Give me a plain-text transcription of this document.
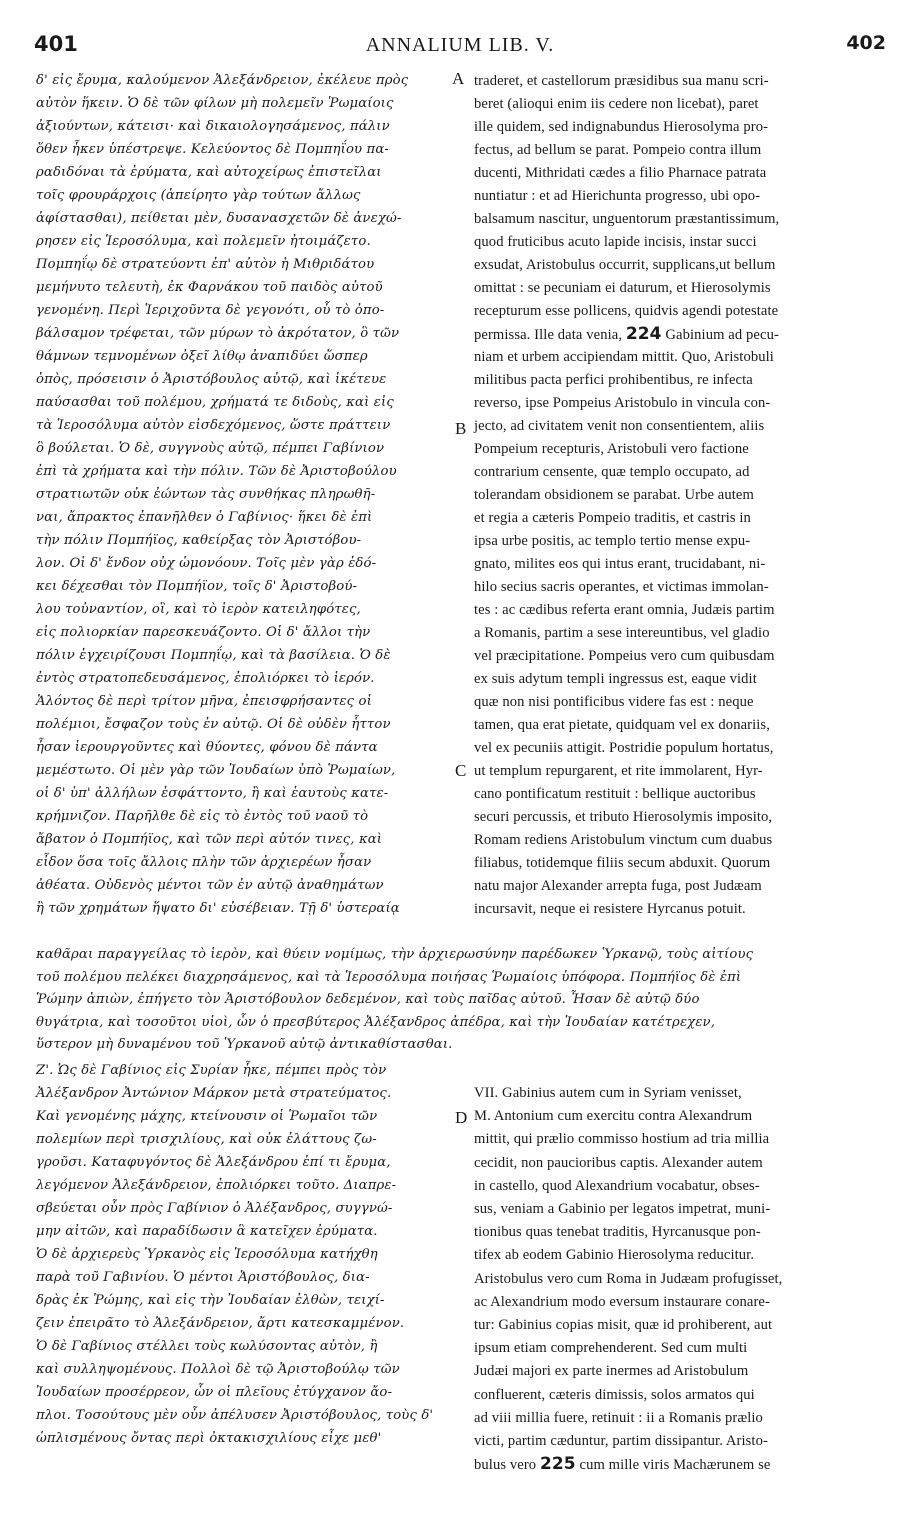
401	ANNALIUM LIB. V.	402
δ' εἰς ἔρυμα, καλούμενον Ἀλεξάνδρειον, ἐκέλευε πρὸς
αὐτὸν ἥκειν. Ὁ δὲ τῶν φίλων μὴ πολεμεῖν Ῥωμαίοις
ἀξιούντων, κάτεισι· καὶ δικαιολογησάμενος, πάλιν
ὅθεν ἧκεν ὑπέστρεψε. Κελεύοντος δὲ Πομπηΐου πα-
ραδιδόναι τὰ ἐρύματα, καὶ αὐτοχείρως ἐπιστεῖλαι
τοῖς φρουράρχοις (ἀπείρητο γὰρ τούτων ἄλλως
ἀφίστασθαι), πείθεται μὲν, δυσανασχετῶν δὲ ἀνεχώ-
ρησεν εἰς Ἱεροσόλυμα, καὶ πολεμεῖν ἠτοιμάζετο.
Πομπηΐῳ δὲ στρατεύοντι ἐπ' αὐτὸν ἡ Μιθριδάτου
μεμήνυτο τελευτὴ, ἐκ Φαρνάκου τοῦ παιδὸς αὐτοῦ
γενομένη. Περὶ Ἱεριχοῦντα δὲ γεγονότι, οὗ τὸ ὀπο-
βάλσαμον τρέφεται, τῶν μύρων τὸ ἀκρότατον, ὃ τῶν
θάμνων τεμνομένων ὀξεῖ λίθῳ ἀναπιδύει ὥσπερ
ὀπὸς, πρόσεισιν ὁ Ἀριστόβουλος αὐτῷ, καὶ ἱκέτευε
παύσασθαι τοῦ πολέμου, χρήματά τε διδοὺς, καὶ εἰς
τὰ Ἱεροσόλυμα αὐτὸν εἰσδεχόμενος, ὥστε πράττειν
ὃ βούλεται. Ὁ δὲ, συγγνοὺς αὐτῷ, πέμπει Γαβίνιον
ἐπὶ τὰ χρήματα καὶ τὴν πόλιν. Τῶν δὲ Ἀριστοβούλου
στρατιωτῶν οὐκ ἐώντων τὰς συνθήκας πληρωθῆ-
ναι, ἄπρακτος ἐπανῆλθεν ὁ Γαβίνιος· ἥκει δὲ ἐπὶ
τὴν πόλιν Πομπήϊος, καθείρξας τὸν Ἀριστόβου-
λον. Οἱ δ' ἔνδον οὐχ ὡμονόουν. Τοῖς μὲν γὰρ ἐδό-
κει δέχεσθαι τὸν Πομπήϊον, τοῖς δ' Ἀριστοβού-
λου τοὐναντίον, οἳ, καὶ τὸ ἱερὸν κατειληφότες,
εἰς πολιορκίαν παρεσκευάζοντο. Οἱ δ' ἄλλοι τὴν
πόλιν ἐγχειρίζουσι Πομπηΐῳ, καὶ τὰ βασίλεια. Ὁ δὲ
ἐντὸς στρατοπεδευσάμενος, ἐπολιόρκει τὸ ἱερόν.
Ἁλόντος δὲ περὶ τρίτον μῆνα, ἐπεισφρήσαντες οἱ
πολέμιοι, ἔσφαζον τοὺς ἐν αὐτῷ. Οἱ δὲ οὐδὲν ἧττον
ἦσαν ἱερουργοῦντες καὶ θύοντες, φόνου δὲ πάντα
μεμέστωτο. Οἱ μὲν γὰρ τῶν Ἰουδαίων ὑπὸ Ῥωμαίων,
οἱ δ' ὑπ' ἀλλήλων ἐσφάττοντο, ἢ καὶ ἑαυτοὺς κατε-
κρήμνιζον. Παρῆλθε δὲ εἰς τὸ ἐντὸς τοῦ ναοῦ τὸ
ἄβατον ὁ Πομπήϊος, καὶ τῶν περὶ αὐτόν τινες, καὶ
εἶδον ὅσα τοῖς ἄλλοις πλὴν τῶν ἀρχιερέων ἦσαν
ἀθέατα. Οὐδενὸς μέντοι τῶν ἐν αὐτῷ ἀναθημάτων
ἢ τῶν χρημάτων ἥψατο δι' εὐσέβειαν. Τῇ δ' ὑστεραίᾳ
traderet, et castellorum præsidibus sua manu scri-
beret (alioqui enim iis cedere non licebat), paret
ille quidem, sed indignabundus Hierosolyma pro-
fectus, ad bellum se parat. Pompeio contra illum
ducenti, Mithridati cædes a filio Pharnace patrata
nuntiatur : et ad Hierichunta progresso, ubi opo-
balsamum nascitur, unguentorum præstantissimum,
quod fruticibus acuto lapide incisis, instar succi
exsudat, Aristobulus occurrit, supplicans,ut bellum
omittat : se pecuniam ei daturum, et Hierosolymis
recepturum esse pollicens, quidvis agendi potestate
permissa. Ille data venia, 224 Gabinium ad pecu-
niam et urbem accipiendam mittit. Quo, Aristobuli
militibus pacta perfici prohibentibus, re infecta
reverso, ipse Pompeius Aristobulo in vincula con-
jecto, ad civitatem venit non consentientem, aliis
Pompeium recepturis, Aristobuli vero factione
contrarium censente, quæ templo occupato, ad
tolerandam obsidionem se parabat. Urbe autem
et regia a cæteris Pompeio traditis, et castris in
ipsa urbe positis, ac templo tertio mense expu-
gnato, milites eos qui intus erant, trucidabant, ni-
hilo secius sacris operantes, et victimas immolan-
tes : ac cædibus referta erant omnia, Judæis partim
a Romanis, partim a sese intereuntibus, vel gladio
vel præcipitatione. Pompeius vero cum quibusdam
ex suis adytum templi ingressus est, eaque vidit
quæ non nisi pontificibus videre fas est : neque
tamen, qua erat pietate, quidquam vel ex donariis,
vel ex pecuniis attigit. Postridie populum hortatus,
ut templum repurgarent, et rite immolarent, Hyr-
cano pontificatum restituit : bellique auctoribus
securi percussis, et tributo Hierosolymis imposito,
Romam rediens Aristobulum vinctum cum duabus
filiabus, totidemque filiis secum abduxit. Quorum
natu major Alexander arrepta fuga, post Judæam
incursavit, neque ei resistere Hyrcanus potuit.
καθᾶραι παραγγείλας τὸ ἱερὸν, καὶ θύειν νομίμως, τὴν ἀρχιερωσύνην παρέδωκεν Ὑρκανῷ, τοὺς αἰτίους
τοῦ πολέμου πελέκει διαχρησάμενος, καὶ τὰ Ἱεροσόλυμα ποιήσας Ῥωμαίοις ὑπόφορα. Πομπήϊος δὲ ἐπὶ
Ῥώμην ἀπιὼν, ἐπήγετο τὸν Ἀριστόβουλον δεδεμένον, καὶ τοὺς παῖδας αὐτοῦ. Ἦσαν δὲ αὐτῷ δύο
θυγάτρια, καὶ τοσοῦτοι υἱοὶ, ὧν ὁ πρεσβύτερος Ἀλέξανδρος ἀπέδρα, καὶ τὴν Ἰουδαίαν κατέτρεχεν,
ὕστερον μὴ δυναμένου τοῦ Ὑρκανοῦ αὐτῷ ἀντικαθίστασθαι.
Ζ'. Ὡς δὲ Γαβίνιος εἰς Συρίαν ἧκε, πέμπει πρὸς τὸν
Ἀλέξανδρον Ἀντώνιον Μάρκον μετὰ στρατεύματος.
Καὶ γενομένης μάχης, κτείνουσιν οἱ Ῥωμαῖοι τῶν
πολεμίων περὶ τρισχιλίους, καὶ οὐκ ἐλάττους ζω-
γροῦσι. Καταφυγόντος δὲ Ἀλεξάνδρου ἐπί τι ἔρυμα,
λεγόμενον Ἀλεξάνδρειον, ἐπολιόρκει τοῦτο. Διαπρε-
σβεύεται οὖν πρὸς Γαβίνιον ὁ Ἀλέξανδρος, συγγνώ-
μην αἰτῶν, καὶ παραδίδωσιν ἃ κατεῖχεν ἐρύματα.
Ὁ δὲ ἀρχιερεὺς Ὑρκανὸς εἰς Ἱεροσόλυμα κατήχθη
παρὰ τοῦ Γαβινίου. Ὁ μέντοι Ἀριστόβουλος, δια-
δρὰς ἐκ Ῥώμης, καὶ εἰς τὴν Ἰουδαίαν ἐλθὼν, τειχί-
ζειν ἐπειρᾶτο τὸ Ἀλεξάνδρειον, ἄρτι κατεσκαμμένον.
Ὁ δὲ Γαβίνιος στέλλει τοὺς κωλύσοντας αὐτὸν, ἢ
καὶ συλληψομένους. Πολλοὶ δὲ τῷ Ἀριστοβούλῳ τῶν
Ἰουδαίων προσέρρεον, ὧν οἱ πλεῖους ἐτύγχανον ἄο-
πλοι. Τοσούτους μὲν οὖν ἀπέλυσεν Ἀριστόβουλος, τοὺς δ'
ὡπλισμένους ὄντας περὶ ὀκτακισχιλίους εἶχε μεθ'
VII. Gabinius autem cum in Syriam venisset,
M. Antonium cum exercitu contra Alexandrum
mittit, qui prælio commisso hostium ad tria millia
cecidit, non paucioribus captis. Alexander autem
in castello, quod Alexandrium vocabatur, obses-
sus, veniam a Gabinio per legatos impetrat, muni-
tionibus quas tenebat traditis, Hyrcanusque pon-
tifex ab eodem Gabinio Hierosolyma reducitur.
Aristobulus vero cum Roma in Judæam profugisset,
ac Alexandrium modo eversum instaurare conare-
tur: Gabinius copias misit, quæ id prohiberent, aut
ipsum etiam comprehenderent. Sed cum multi
Judæi majori ex parte inermes ad Aristobulum
confluerent, cæteris dimissis, solos armatos qui
ad viii millia fuere, retinuit : ii a Romanis prælio
victi, partim cæduntur, partim dissipantur. Aristo-
bulus vero 225 cum mille viris Machærunem se
A
B
C
D
